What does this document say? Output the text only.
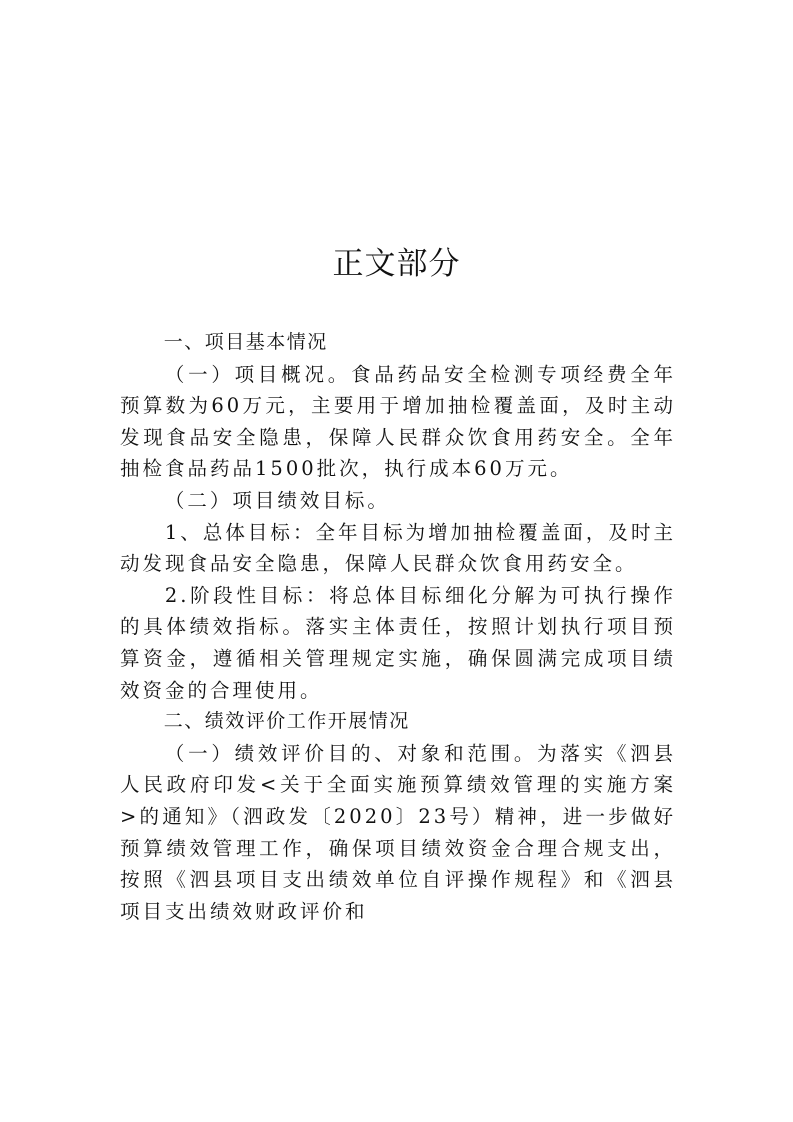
正文部分

一、项目基本情况

（一）项目概况。食品药品安全检测专项经费全年预算数为60万元，主要用于增加抽检覆盖面，及时主动发现食品安全隐患，保障人民群众饮食用药安全。全年抽检食品药品1500批次，执行成本60万元。

（二）项目绩效目标。

1、总体目标：全年目标为增加抽检覆盖面，及时主动发现食品安全隐患，保障人民群众饮食用药安全。

2.阶段性目标：将总体目标细化分解为可执行操作的具体绩效指标。落实主体责任，按照计划执行项目预算资金，遵循相关管理规定实施，确保圆满完成项目绩效资金的合理使用。

二、绩效评价工作开展情况

（一）绩效评价目的、对象和范围。为落实《泗县人民政府印发<关于全面实施预算绩效管理的实施方案>的通知》（泗政发〔2020〕23号）精神，进一步做好预算绩效管理工作，确保项目绩效资金合理合规支出，按照《泗县项目支出绩效单位自评操作规程》和《泗县项目支出绩效财政评价和
